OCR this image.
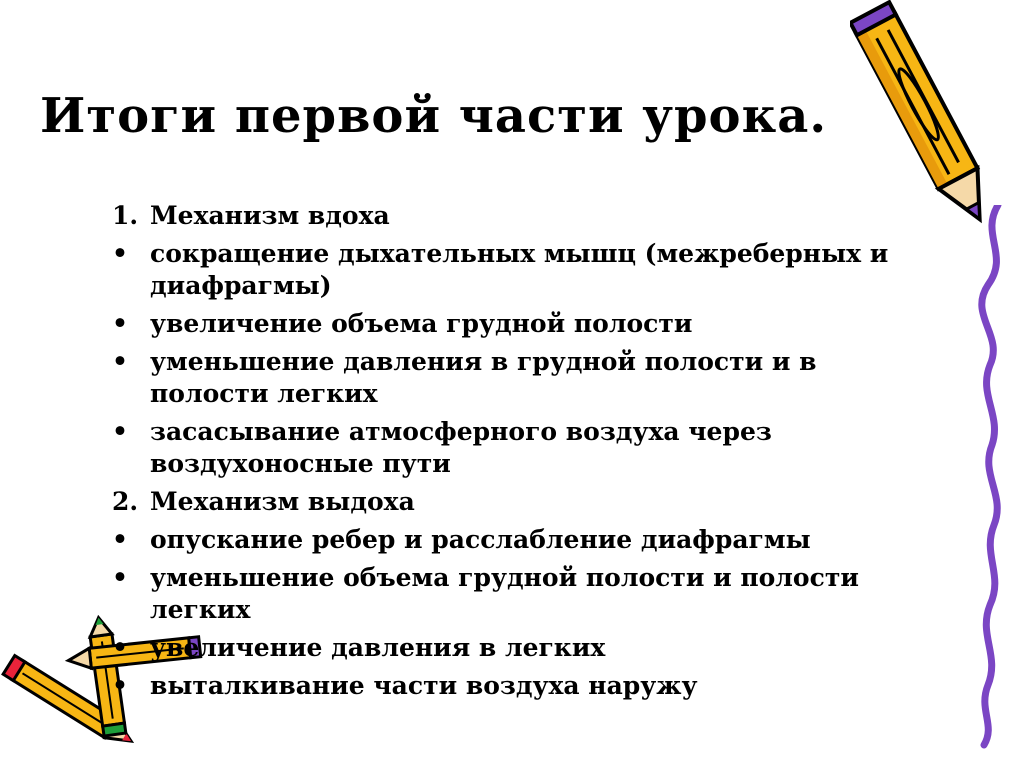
Итоги первой части урока.
1. Механизм вдоха
• сокращение дыхательных мышц (межреберных и диафрагмы)
• увеличение объема грудной полости
• уменьшение давления в грудной полости и в полости легких
• засасывание атмосферного воздуха через воздухоносные пути
2. Механизм выдоха
• опускание ребер и расслабление диафрагмы
• уменьшение объема грудной полости и полости легких
• увеличение давления в легких
• выталкивание части воздуха наружу
